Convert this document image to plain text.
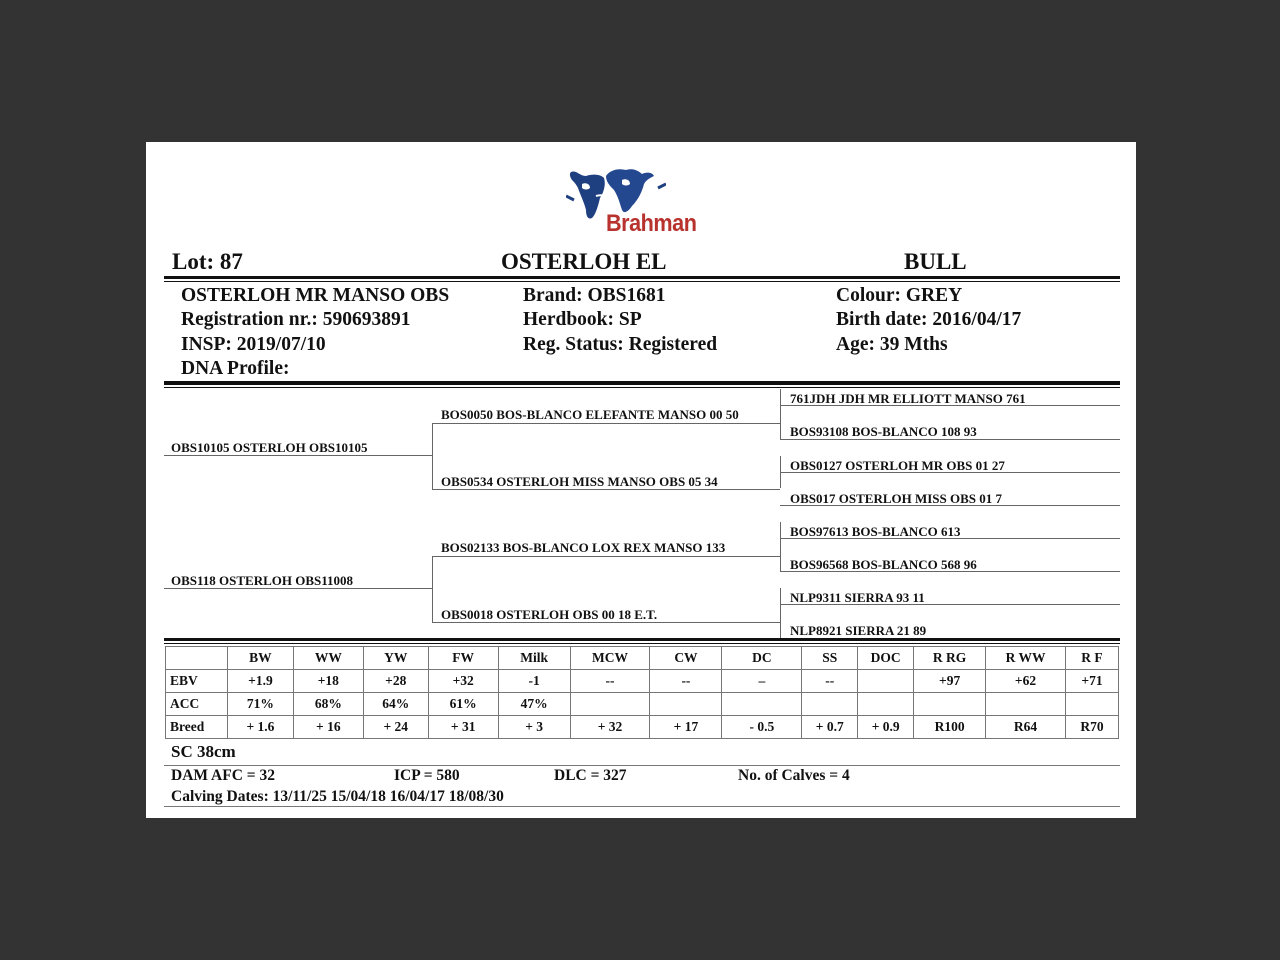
Brahman
Lot: 87	OSTERLOH EL	BULL
OSTERLOH MR MANSO OBS
Registration nr.: 590693891
INSP: 2019/07/10
DNA Profile:
Brand: OBS1681
Herdbook: SP
Reg. Status: Registered
Colour: GREY
Birth date: 2016/04/17
Age: 39 Mths
OBS10105 OSTERLOH OBS10105
OBS118 OSTERLOH OBS11008
BOS0050 BOS-BLANCO ELEFANTE MANSO 00 50
OBS0534 OSTERLOH MISS MANSO OBS 05 34
BOS02133 BOS-BLANCO LOX REX MANSO 133
OBS0018 OSTERLOH OBS 00 18 E.T.
761JDH JDH MR ELLIOTT MANSO 761
BOS93108 BOS-BLANCO 108 93
OBS0127 OSTERLOH MR OBS 01 27
OBS017 OSTERLOH MISS OBS 01 7
BOS97613 BOS-BLANCO 613
BOS96568 BOS-BLANCO 568 96
NLP9311 SIERRA 93 11
NLP8921 SIERRA 21 89
	BW	WW	YW	FW	Milk	MCW	CW	DC	SS	DOC	R RG	R WW	R F
EBV	+1.9	+18	+28	+32	-1	--	--	–	--		+97	+62	+71
ACC	71%	68%	64%	61%	47%								
Breed	+ 1.6	+ 16	+ 24	+ 31	+ 3	+ 32	+ 17	- 0.5	+ 0.7	+ 0.9	R100	R64	R70
SC 38cm
DAM AFC = 32	ICP = 580	DLC = 327	No. of Calves = 4
Calving Dates: 13/11/25 15/04/18 16/04/17 18/08/30
